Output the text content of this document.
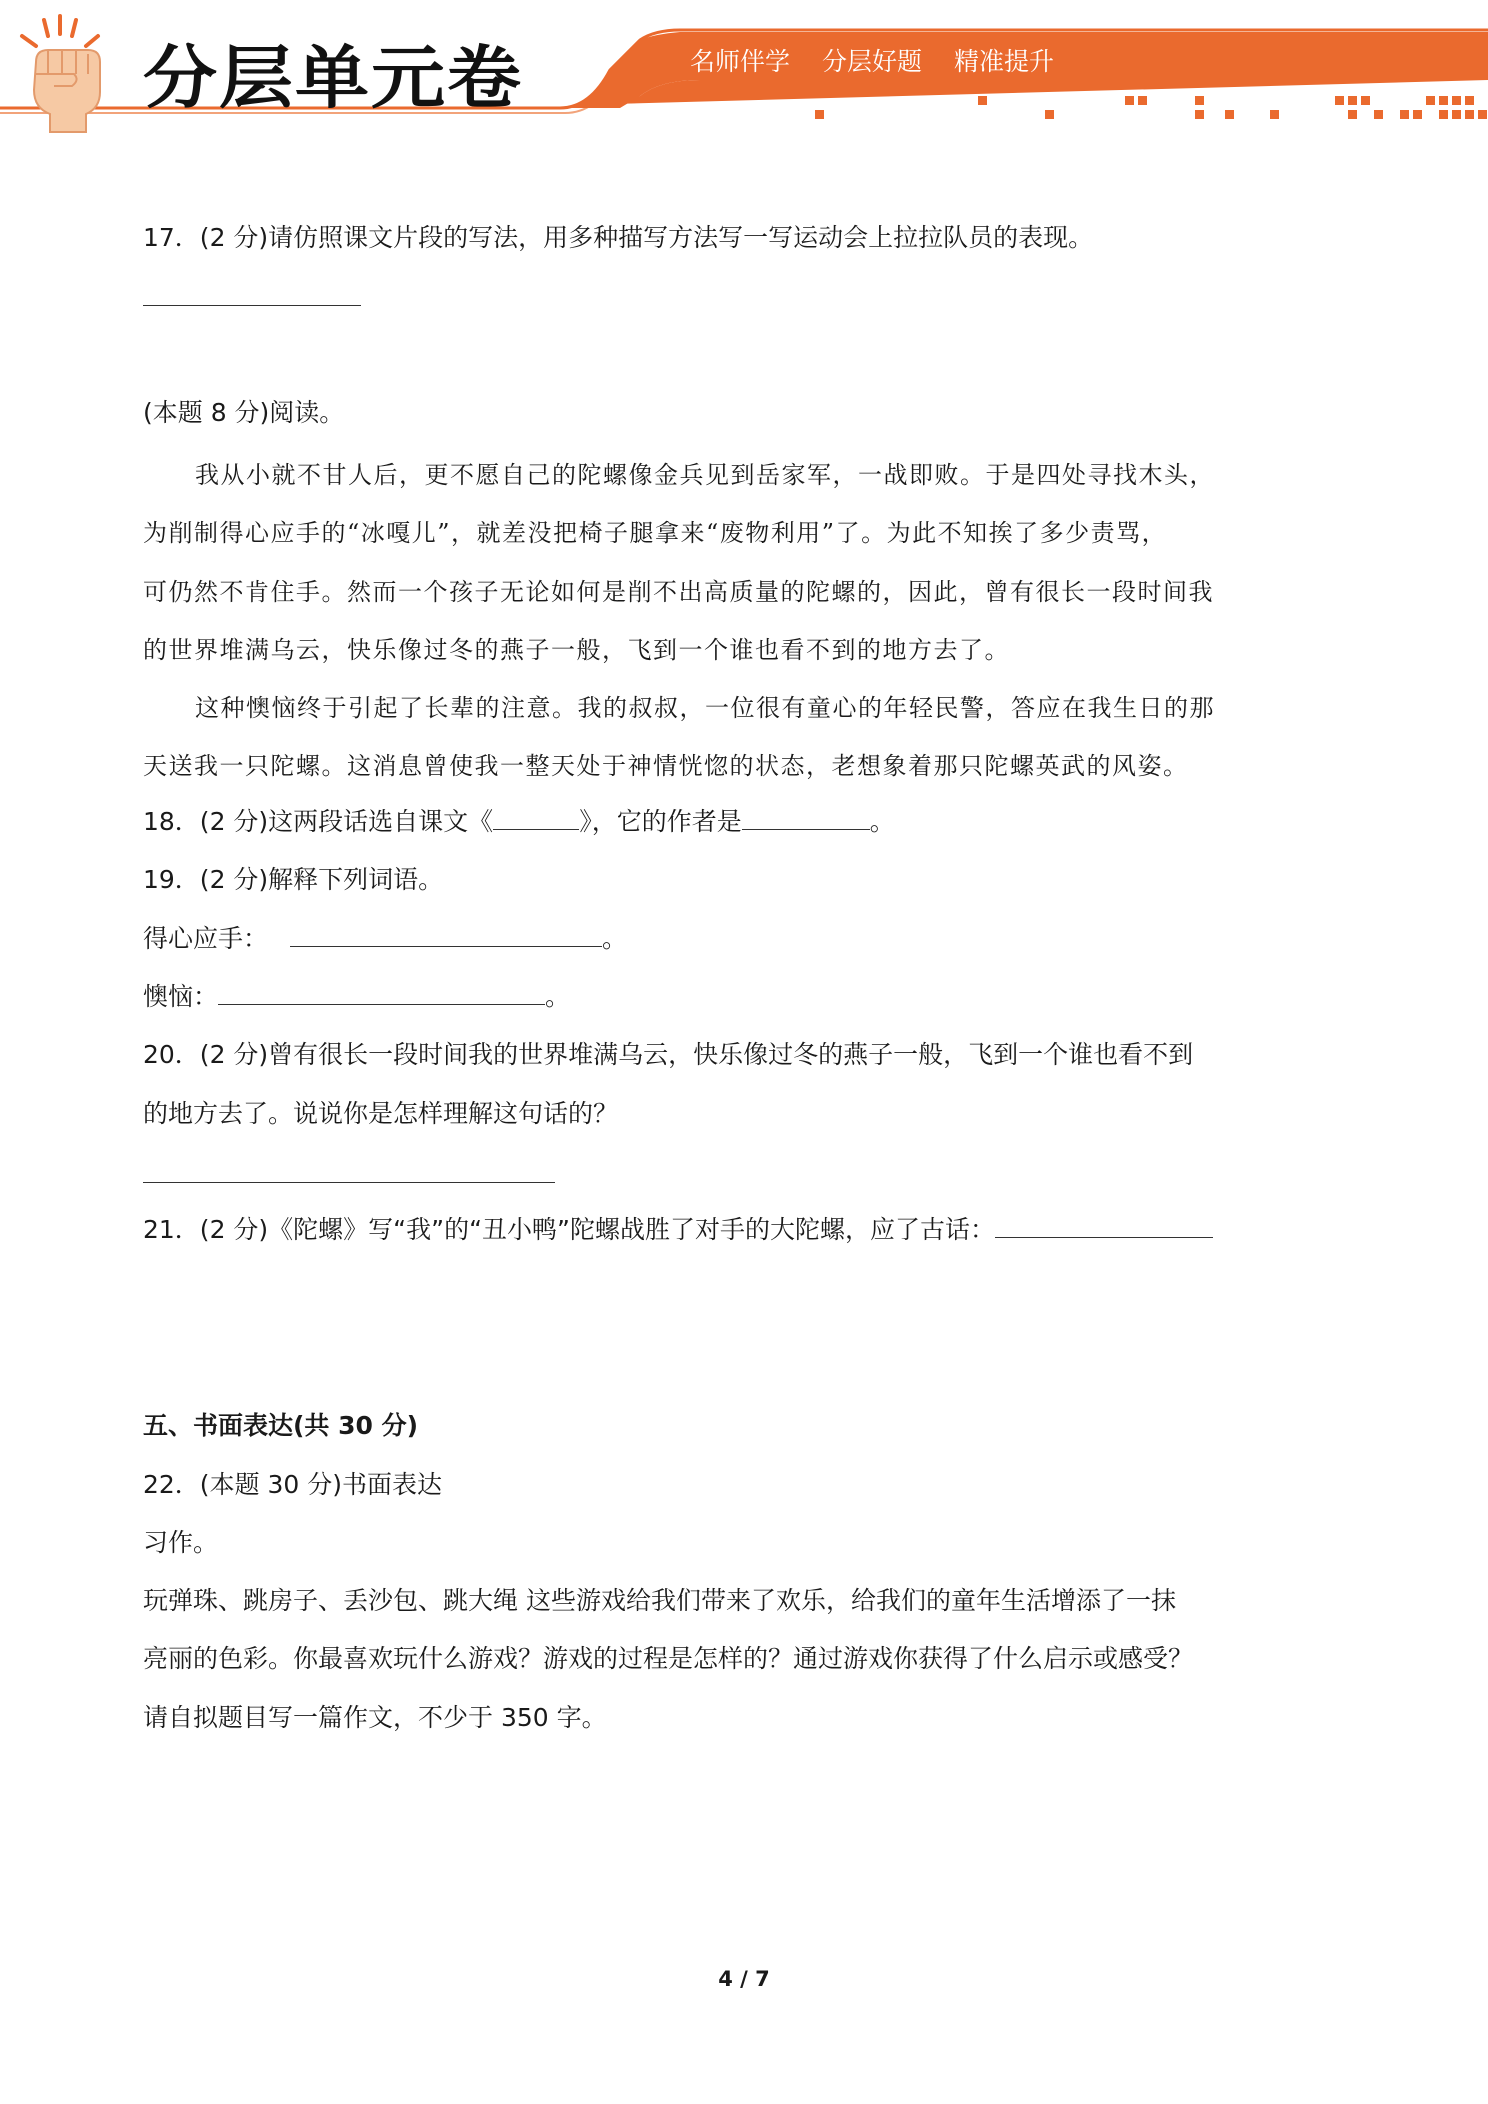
分层单元卷	名师伴学 分层好题 精准提升
17．(2 分)请仿照课文片段的写法，用多种描写方法写一写运动会上拉拉队员的表现。
(本题 8 分)阅读。
我从小就不甘人后，更不愿自己的陀螺像金兵见到岳家军，一战即败。于是四处寻找木头，
为削制得心应手的“冰嘎儿”，就差没把椅子腿拿来“废物利用”了。为此不知挨了多少责骂，
可仍然不肯住手。然而一个孩子无论如何是削不出高质量的陀螺的，因此，曾有很长一段时间我
的世界堆满乌云，快乐像过冬的燕子一般，飞到一个谁也看不到的地方去了。
这种懊恼终于引起了长辈的注意。我的叔叔，一位很有童心的年轻民警，答应在我生日的那
天送我一只陀螺。这消息曾使我一整天处于神情恍惚的状态，老想象着那只陀螺英武的风姿。
18．(2 分)这两段话选自课文《	》，它的作者是	。
19．(2 分)解释下列词语。
得心应手：	。
懊恼：	。
20．(2 分)曾有很长一段时间我的世界堆满乌云，快乐像过冬的燕子一般，飞到一个谁也看不到
的地方去了。说说你是怎样理解这句话的？
21．(2 分)《陀螺》写“我”的“丑小鸭”陀螺战胜了对手的大陀螺，应了古话：
五、书面表达(共 30 分)
22．(本题 30 分)书面表达
习作。
玩弹珠、跳房子、丢沙包、跳大绳 这些游戏给我们带来了欢乐，给我们的童年生活增添了一抹
亮丽的色彩。你最喜欢玩什么游戏？游戏的过程是怎样的？通过游戏你获得了什么启示或感受？
请自拟题目写一篇作文，不少于 350 字。
4 / 7
